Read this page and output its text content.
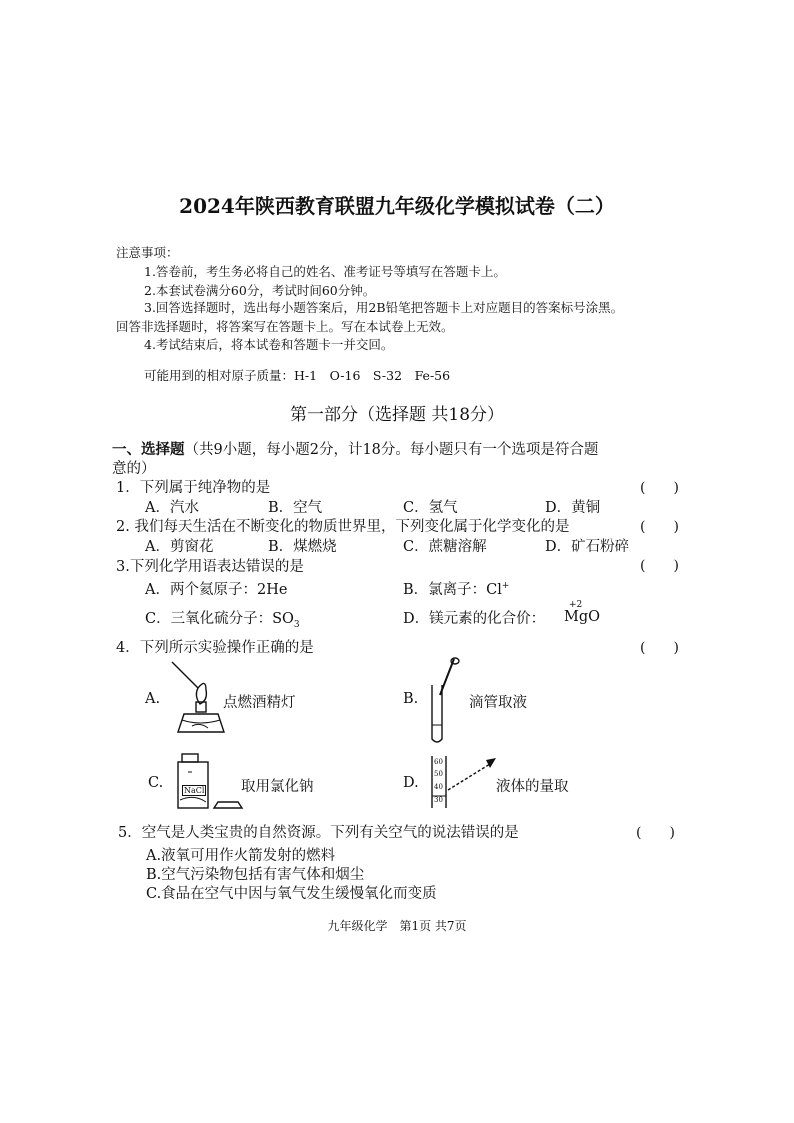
2024年陕西教育联盟九年级化学模拟试卷（二）
注意事项：
1.答卷前，考生务必将自己的姓名、准考证号等填写在答题卡上。
2.本套试卷满分60分，考试时间60分钟。
3.回答选择题时，选出每小题答案后，用2B铅笔把答题卡上对应题目的答案标号涂黑。
回答非选择题时，将答案写在答题卡上。写在本试卷上无效。
4.考试结束后，将本试卷和答题卡一并交回。
可能用到的相对原子质量：H-1　O-16　S-32　Fe-56
第一部分（选择题 共18分）
一、选择题（共9小题，每小题2分，计18分。每小题只有一个选项是符合题
意的）
1．下列属于纯净物的是	(　　)
A．汽水	B．空气	C．氢气	D．黄铜
2. 我们每天生活在不断变化的物质世界里，下列变化属于化学变化的是	(　　)
A．剪窗花	B．煤燃烧	C．蔗糖溶解	D．矿石粉碎
3.下列化学用语表达错误的是	(　　)
A．两个氦原子：2He	B．氯离子：Cl+
C．三氧化硫分子：$SO_3$	D．镁元素的化合价：
+2
MgO
4．下列所示实验操作正确的是	(　　)
A.	点燃酒精灯	B.	滴管取液
C.	NaCl	取用氯化钠	D.
60
50
40
30
液体的量取
5．空气是人类宝贵的自然资源。下列有关空气的说法错误的是	(　　)
A.液氧可用作火箭发射的燃料
B.空气污染物包括有害气体和烟尘
C.食品在空气中因与氧气发生缓慢氧化而变质
九年级化学　第1页 共7页
